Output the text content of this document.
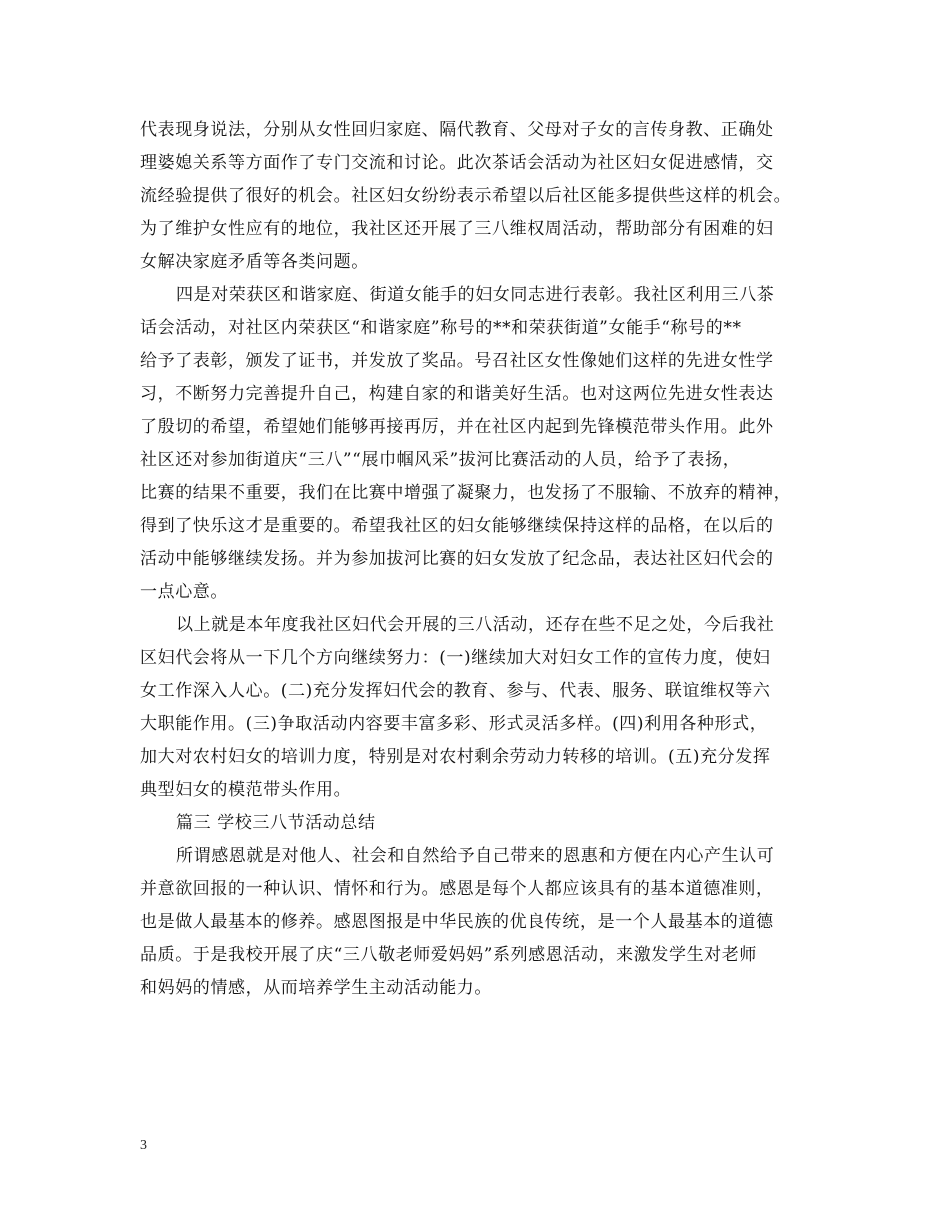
代表现身说法，分别从女性回归家庭、隔代教育、父母对子女的言传身教、正确处
理婆媳关系等方面作了专门交流和讨论。此次茶话会活动为社区妇女促进感情，交
流经验提供了很好的机会。社区妇女纷纷表示希望以后社区能多提供些这样的机会。
为了维护女性应有的地位，我社区还开展了三八维权周活动，帮助部分有困难的妇
女解决家庭矛盾等各类问题。
四是对荣获区和谐家庭、街道女能手的妇女同志进行表彰。我社区利用三八茶
话会活动，对社区内荣获区“和谐家庭”称号的**和荣获街道”女能手“称号的**
给予了表彰，颁发了证书，并发放了奖品。号召社区女性像她们这样的先进女性学
习，不断努力完善提升自己，构建自家的和谐美好生活。也对这两位先进女性表达
了殷切的希望，希望她们能够再接再厉，并在社区内起到先锋模范带头作用。此外
社区还对参加街道庆“三八”“展巾帼风采”拔河比赛活动的人员，给予了表扬，
比赛的结果不重要，我们在比赛中增强了凝聚力，也发扬了不服输、不放弃的精神，
得到了快乐这才是重要的。希望我社区的妇女能够继续保持这样的品格，在以后的
活动中能够继续发扬。并为参加拔河比赛的妇女发放了纪念品，表达社区妇代会的
一点心意。
以上就是本年度我社区妇代会开展的三八活动，还存在些不足之处，今后我社
区妇代会将从一下几个方向继续努力：(一)继续加大对妇女工作的宣传力度，使妇
女工作深入人心。(二)充分发挥妇代会的教育、参与、代表、服务、联谊维权等六
大职能作用。(三)争取活动内容要丰富多彩、形式灵活多样。(四)利用各种形式，
加大对农村妇女的培训力度，特别是对农村剩余劳动力转移的培训。(五)充分发挥
典型妇女的模范带头作用。
篇三 学校三八节活动总结
所谓感恩就是对他人、社会和自然给予自己带来的恩惠和方便在内心产生认可
并意欲回报的一种认识、情怀和行为。感恩是每个人都应该具有的基本道德准则，
也是做人最基本的修养。感恩图报是中华民族的优良传统，是一个人最基本的道德
品质。于是我校开展了庆“三八敬老师爱妈妈”系列感恩活动，来激发学生对老师
和妈妈的情感，从而培养学生主动活动能力。
3
